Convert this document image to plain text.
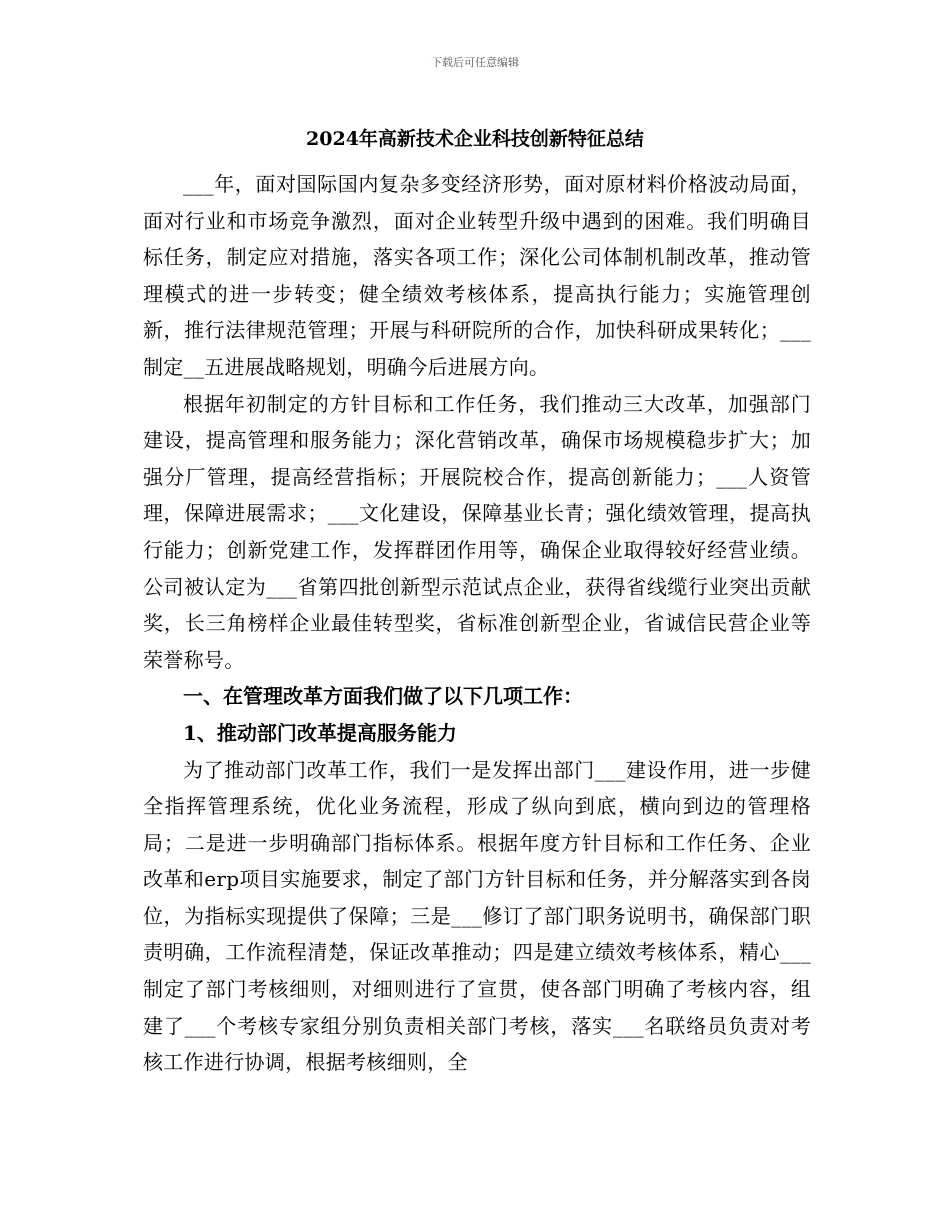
下载后可任意编辑
2024年高新技术企业科技创新特征总结

___年，面对国际国内复杂多变经济形势，面对原材料价格波动局面，面对行业和市场竞争激烈，面对企业转型升级中遇到的困难。我们明确目标任务，制定应对措施，落实各项工作；深化公司体制机制改革，推动管理模式的进一步转变；健全绩效考核体系，提高执行能力；实施管理创新，推行法律规范管理；开展与科研院所的合作，加快科研成果转化；___制定__五进展战略规划，明确今后进展方向。

根据年初制定的方针目标和工作任务，我们推动三大改革，加强部门建设，提高管理和服务能力；深化营销改革，确保市场规模稳步扩大；加强分厂管理，提高经营指标；开展院校合作，提高创新能力；___人资管理，保障进展需求；___文化建设，保障基业长青；强化绩效管理，提高执行能力；创新党建工作，发挥群团作用等，确保企业取得较好经营业绩。公司被认定为___省第四批创新型示范试点企业，获得省线缆行业突出贡献奖，长三角榜样企业最佳转型奖，省标准创新型企业，省诚信民营企业等荣誉称号。

一、在管理改革方面我们做了以下几项工作：

1、推动部门改革提高服务能力

为了推动部门改革工作，我们一是发挥出部门___建设作用，进一步健全指挥管理系统，优化业务流程，形成了纵向到底，横向到边的管理格局；二是进一步明确部门指标体系。根据年度方针目标和工作任务、企业改革和erp项目实施要求，制定了部门方针目标和任务，并分解落实到各岗位，为指标实现提供了保障；三是___修订了部门职务说明书，确保部门职责明确，工作流程清楚，保证改革推动；四是建立绩效考核体系，精心___制定了部门考核细则，对细则进行了宣贯，使各部门明确了考核内容，组建了___个考核专家组分别负责相关部门考核，落实___名联络员负责对考核工作进行协调，根据考核细则，全
